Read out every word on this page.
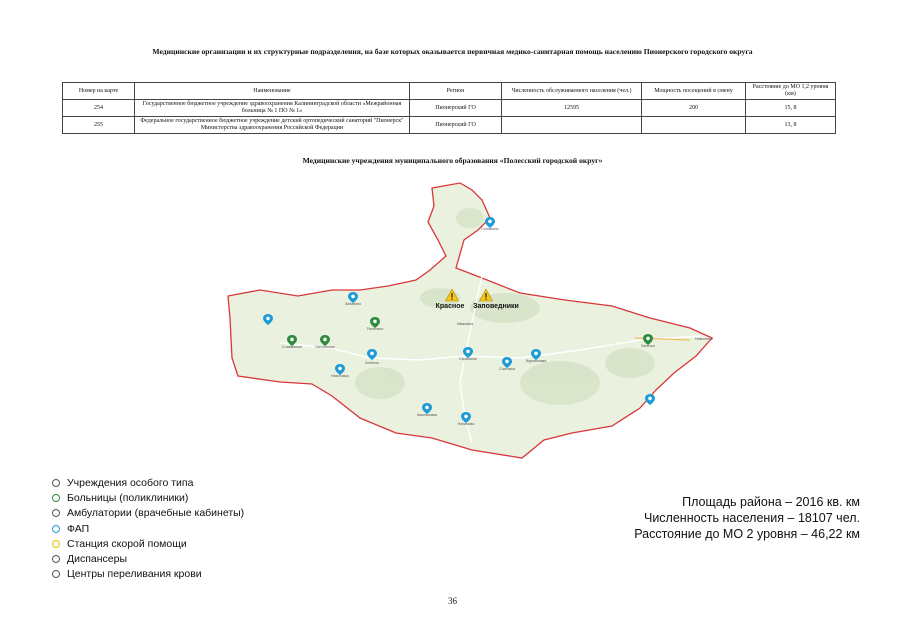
Медицинские организации и их структурные подразделения, на базе которых оказывается первичная медико-санитарная помощь населению Пионерского городского округа
Номер на карте	Наименование	Регион	Численность обслуживаемого населения (чел.)	Мощность посещений в смену	Расстояние до МО 1,2 уровня (км)
254	Государственное бюджетное учреждение здравоохранения Калининградской области «Межрайонная больница № 1 ПО № 1»	Пионерский ГО	12595	200	15, 8
255	Федеральное государственное бюджетное учреждение детский ортопедический санаторий "Пионерск" Министерства здравоохранения Российской Федерации	Пионерский ГО			13, 8
Медицинские учреждения муниципального образования «Полесский городской округ»
Красное Заповедники
Головкино
Ивановка
Саранское
Славянское	Чистополье
Тюленино
Зелёное
Никитовка
Залесье
Фурмановка
Сосновка
Заливино
Нахимово
Новоселье
Каштановка
Учреждения особого типа
Больницы (поликлиники)
Амбулатории (врачебные кабинеты)
ФАП
Станция скорой помощи
Диспансеры
Центры переливания крови
Площадь района – 2016 кв. км
Численность населения – 18107 чел.
Расстояние до МО 2 уровня – 46,22 км
36
